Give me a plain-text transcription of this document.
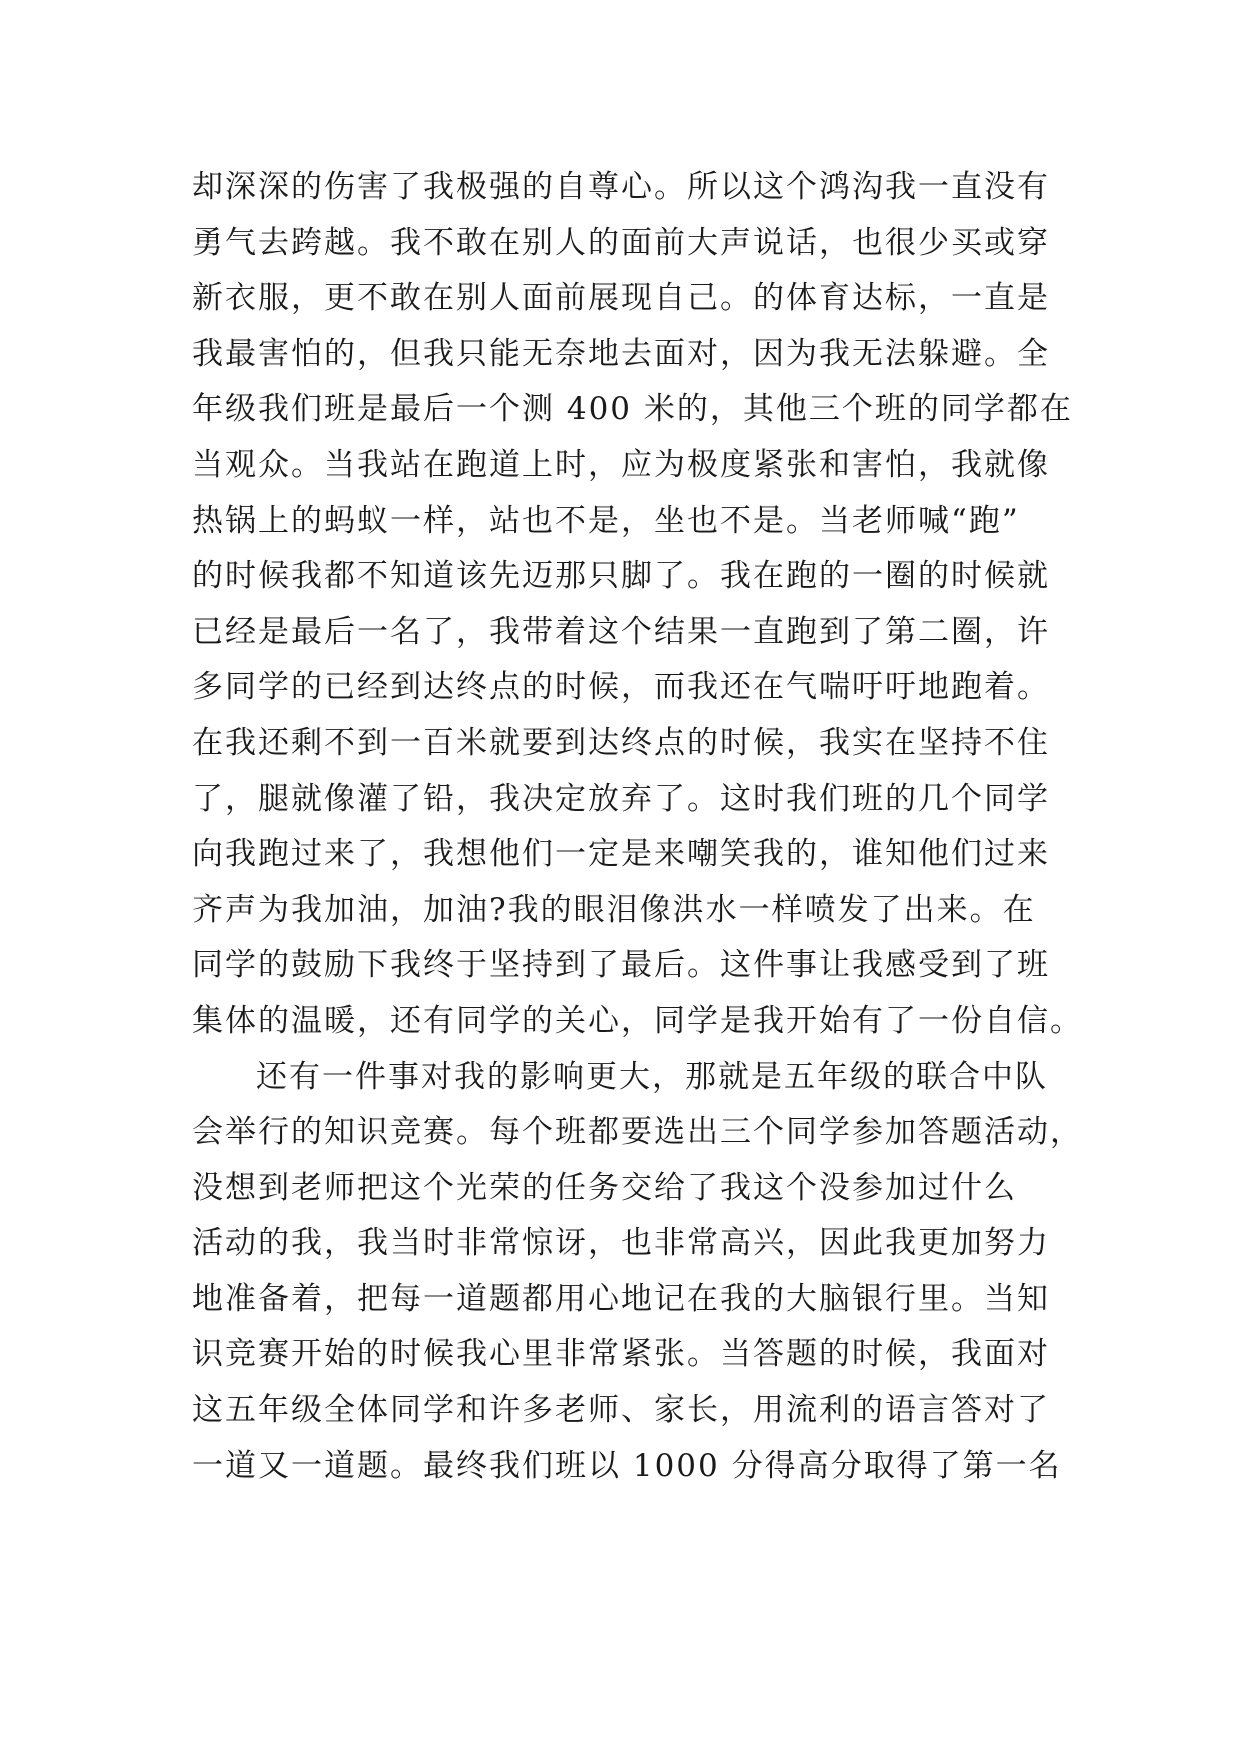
却深深的伤害了我极强的自尊心。所以这个鸿沟我一直没有
勇气去跨越。我不敢在别人的面前大声说话，也很少买或穿
新衣服，更不敢在别人面前展现自己。的体育达标，一直是
我最害怕的，但我只能无奈地去面对，因为我无法躲避。全
年级我们班是最后一个测 400 米的，其他三个班的同学都在
当观众。当我站在跑道上时，应为极度紧张和害怕，我就像
热锅上的蚂蚁一样，站也不是，坐也不是。当老师喊“跑”
的时候我都不知道该先迈那只脚了。我在跑的一圈的时候就
已经是最后一名了，我带着这个结果一直跑到了第二圈，许
多同学的已经到达终点的时候，而我还在气喘吁吁地跑着。
在我还剩不到一百米就要到达终点的时候，我实在坚持不住
了，腿就像灌了铅，我决定放弃了。这时我们班的几个同学
向我跑过来了，我想他们一定是来嘲笑我的，谁知他们过来
齐声为我加油，加油?我的眼泪像洪水一样喷发了出来。在
同学的鼓励下我终于坚持到了最后。这件事让我感受到了班
集体的温暖，还有同学的关心，同学是我开始有了一份自信。
还有一件事对我的影响更大，那就是五年级的联合中队
会举行的知识竞赛。每个班都要选出三个同学参加答题活动，
没想到老师把这个光荣的任务交给了我这个没参加过什么
活动的我，我当时非常惊讶，也非常高兴，因此我更加努力
地准备着，把每一道题都用心地记在我的大脑银行里。当知
识竞赛开始的时候我心里非常紧张。当答题的时候，我面对
这五年级全体同学和许多老师、家长，用流利的语言答对了
一道又一道题。最终我们班以 1000 分得高分取得了第一名
